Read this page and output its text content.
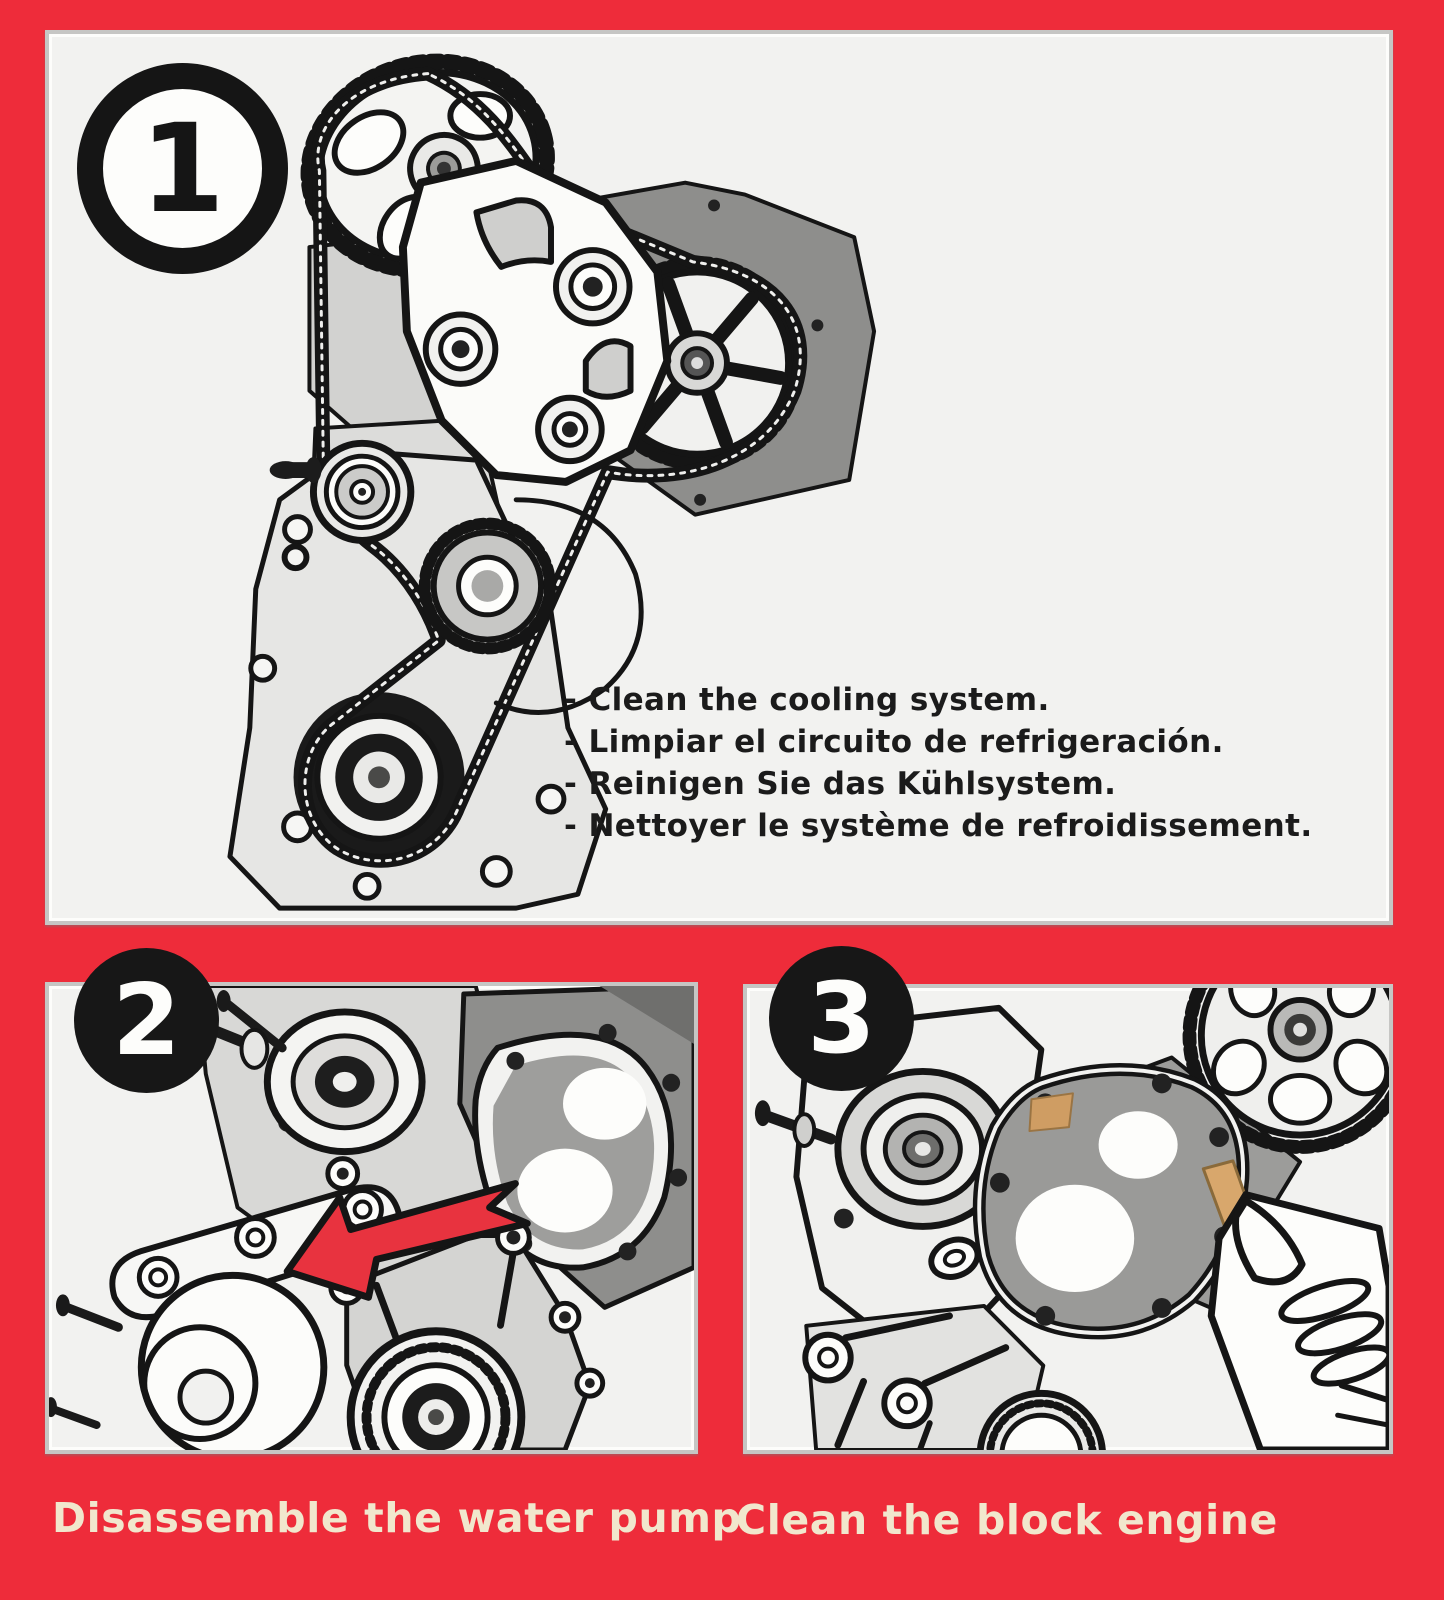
- Clean the cooling system.

- Limpiar el circuito de refrigeración.

- Reinigen Sie das Kühlsystem.

- Nettoyer le système de refroidissement.

1
2	3
Disassemble the water pump
Clean the block engine
